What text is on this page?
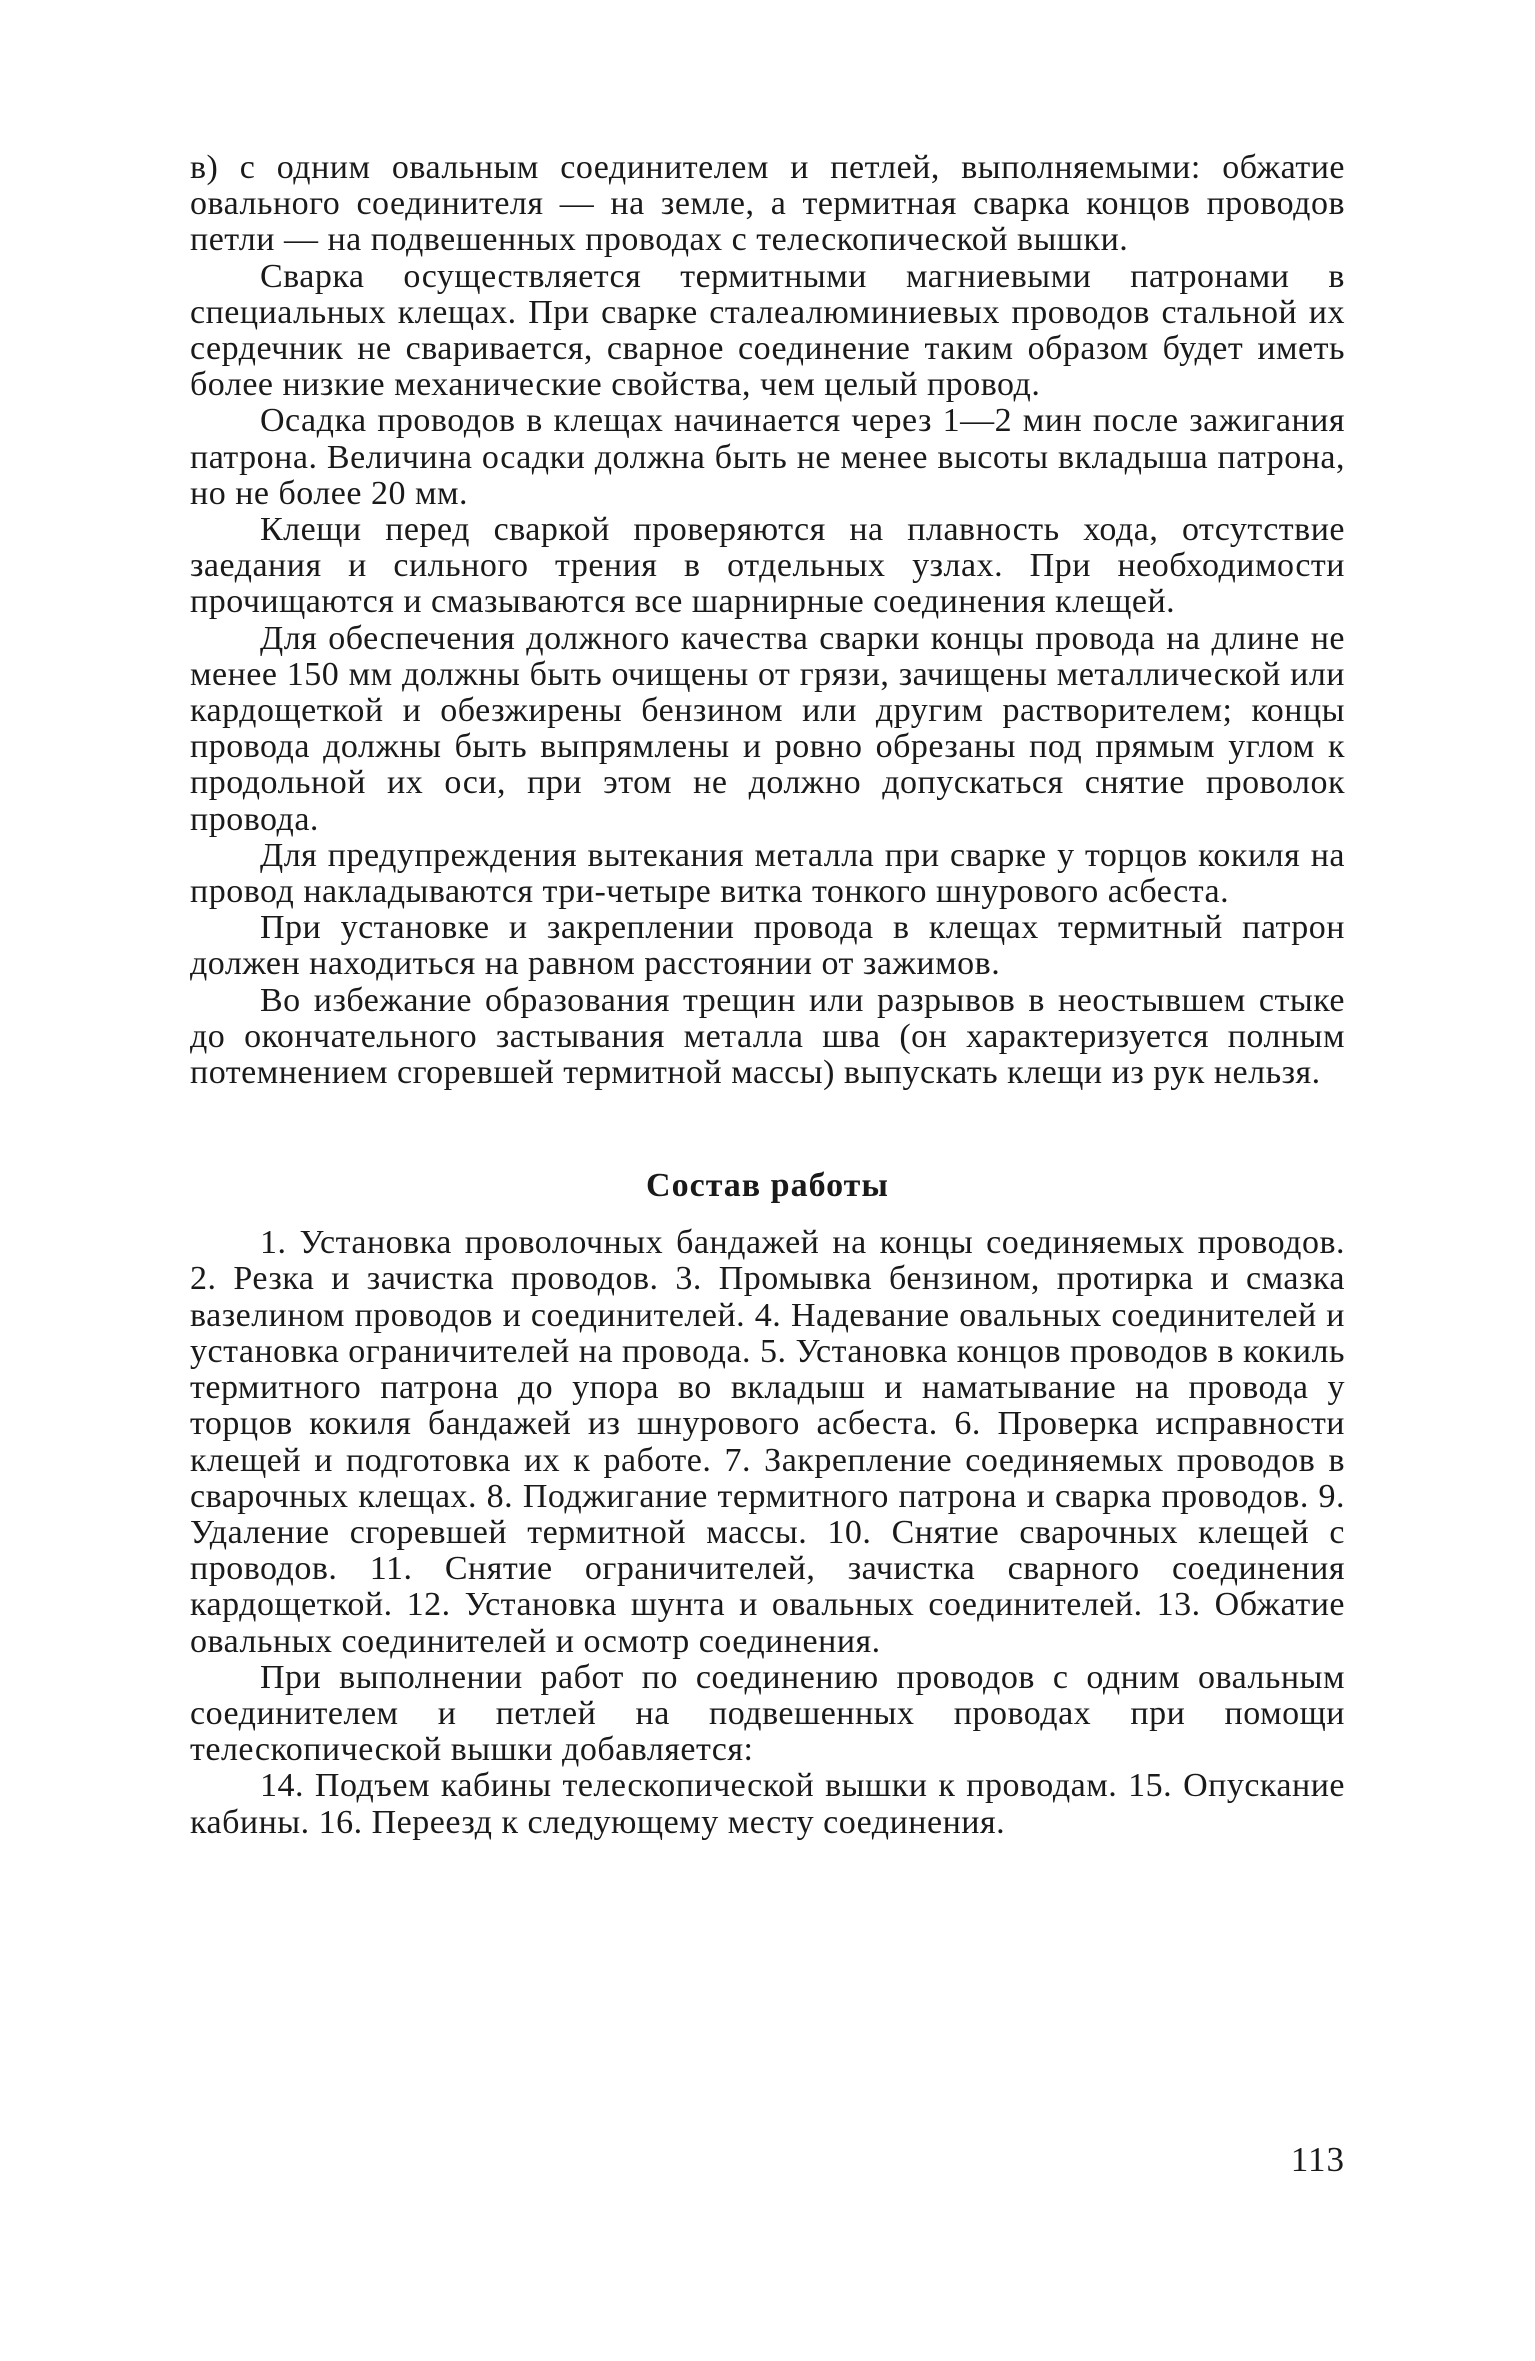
в) с одним овальным соединителем и петлей, выполняемыми: обжатие овального соединителя — на земле, а термитная сварка концов проводов петли — на подвешенных проводах с телескопической вышки.

Сварка осуществляется термитными магниевыми патронами в специальных клещах. При сварке сталеалюминиевых проводов стальной их сердечник не сваривается, сварное соединение таким образом будет иметь более низкие механические свойства, чем целый провод.

Осадка проводов в клещах начинается через 1—2 мин после зажигания патрона. Величина осадки должна быть не менее высоты вкладыша патрона, но не более 20 мм.

Клещи перед сваркой проверяются на плавность хода, отсутствие заедания и сильного трения в отдельных узлах. При необходимости прочищаются и смазываются все шарнирные соединения клещей.

Для обеспечения должного качества сварки концы провода на длине не менее 150 мм должны быть очищены от грязи, зачищены металлической или кардощеткой и обезжирены бензином или другим растворителем; концы провода должны быть выпрямлены и ровно обрезаны под прямым углом к продольной их оси, при этом не должно допускаться снятие проволок провода.

Для предупреждения вытекания металла при сварке у торцов кокиля на провод накладываются три-четыре витка тонкого шнурового асбеста.

При установке и закреплении провода в клещах термитный патрон должен находиться на равном расстоянии от зажимов.

Во избежание образования трещин или разрывов в неостывшем стыке до окончательного застывания металла шва (он характеризуется полным потемнением сгоревшей термитной массы) выпускать клещи из рук нельзя.

Состав работы

1. Установка проволочных бандажей на концы соединяемых проводов. 2. Резка и зачистка проводов. 3. Промывка бензином, протирка и смазка вазелином проводов и соединителей. 4. Надевание овальных соединителей и установка ограничителей на провода. 5. Установка концов проводов в кокиль термитного патрона до упора во вкладыш и наматывание на провода у торцов кокиля бандажей из шнурового асбеста. 6. Проверка исправности клещей и подготовка их к работе. 7. Закрепление соединяемых проводов в сварочных клещах. 8. Поджигание термитного патрона и сварка проводов. 9. Удаление сгоревшей термитной массы. 10. Снятие сварочных клещей с проводов. 11. Снятие ограничителей, зачистка сварного соединения кардощеткой. 12. Установка шунта и овальных соединителей. 13. Обжатие овальных соединителей и осмотр соединения.

При выполнении работ по соединению проводов с одним овальным соединителем и петлей на подвешенных проводах при помощи телескопической вышки добавляется:

14. Подъем кабины телескопической вышки к проводам. 15. Опускание кабины. 16. Переезд к следующему месту соединения.

113
